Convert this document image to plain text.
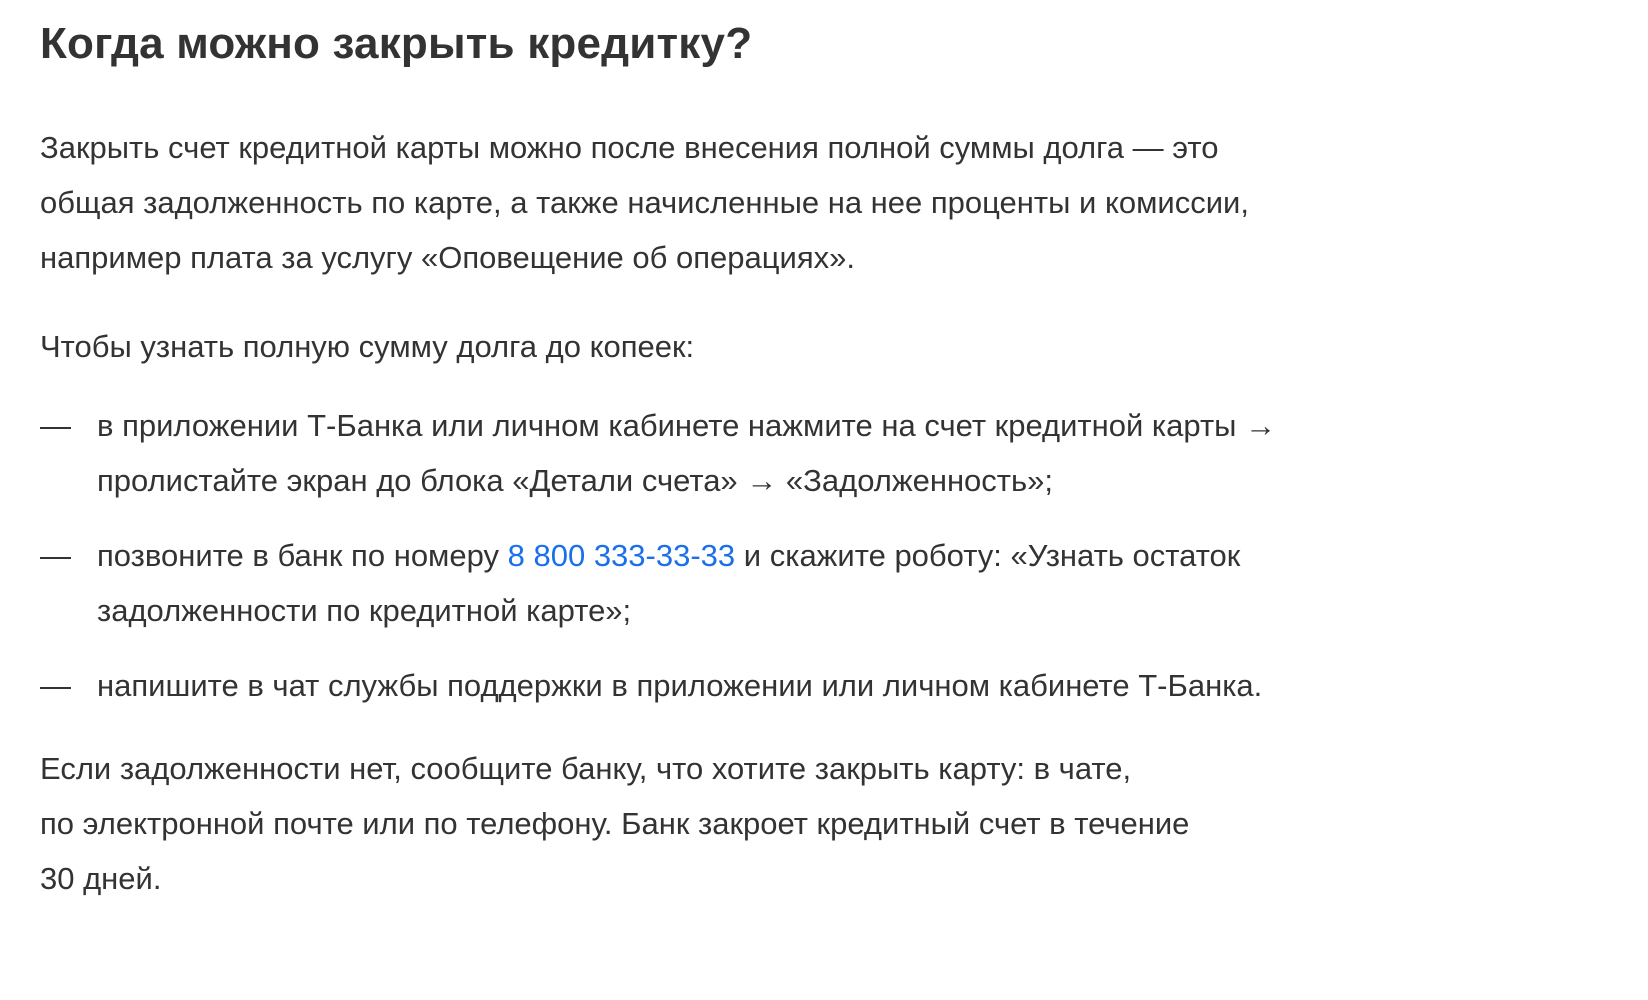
Когда можно закрыть кредитку?
Закрыть счет кредитной карты можно после внесения полной суммы долга — это
общая задолженность по карте, а также начисленные на нее проценты и комиссии,
например плата за услугу «Оповещение об операциях».
Чтобы узнать полную сумму долга до копеек:
— в приложении Т-Банка или личном кабинете нажмите на счет кредитной карты →
пролистайте экран до блока «Детали счета» → «Задолженность»;
— позвоните в банк по номеру 8 800 333-33-33 и скажите роботу: «Узнать остаток
задолженности по кредитной карте»;
— напишите в чат службы поддержки в приложении или личном кабинете Т-Банка.
Если задолженности нет, сообщите банку, что хотите закрыть карту: в чате,
по электронной почте или по телефону. Банк закроет кредитный счет в течение
30 дней.
